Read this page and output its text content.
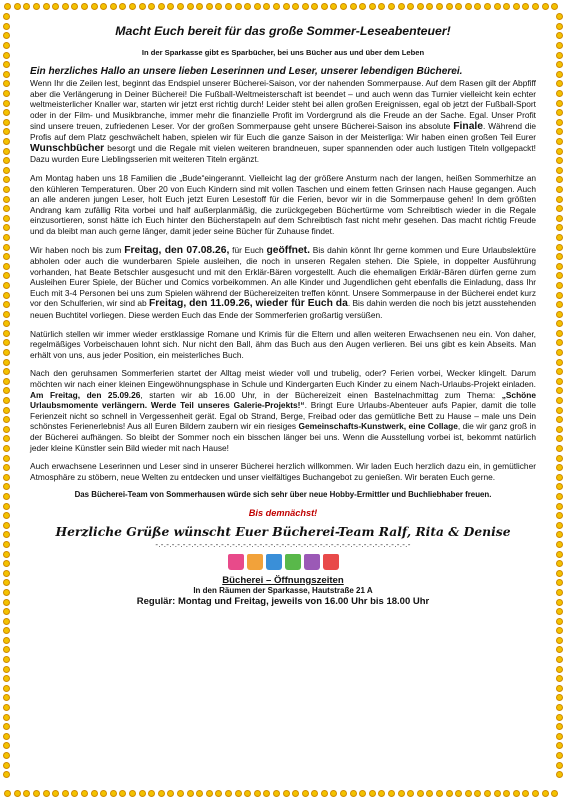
Macht Euch bereit für das große Sommer-Leseabenteuer!
In der Sparkasse gibt es Sparbücher, bei uns Bücher aus und über dem Leben
Ein herzliches Hallo an unsere lieben Leserinnen und Leser, unserer lebendigen Bücherei.

Wenn Ihr die Zeilen lest, beginnt das Endspiel unserer Bücherei-Saison, vor der nahenden Sommerpause. Auf dem Rasen gilt der Abpfiff aber die Verlängerung in Deiner Bücherei! Die Fußball-Weltmeisterschaft ist beendet – und auch wenn das Turnier vielleicht kein echter weltmeisterlicher Knaller war, starten wir jetzt erst richtig durch! Leider steht bei allen großen Ereignissen, egal ob jetzt der Fußball-Sport oder in der Film- und Musikbranche, immer mehr die finanzielle Profit im Vordergrund als die Freude an der Sache. Egal. Unser Profit sind unsere treuen, zufriedenen Leser. Vor der großen Sommerpause geht unsere Bücherei-Saison ins absolute Finale. Während die Profis auf dem Platz geschwächelt haben, spielen wir für Euch die ganze Saison in der Meisterliga: Wir haben einen großen Teil Eurer Wunschbücher besorgt und die Regale mit vielen weiteren brandneuen, super spannenden oder auch lustigen Titeln vollgepackt! Dazu wurden Eure Lieblingsserien mit weiteren Titeln ergänzt.

Am Montag haben uns 18 Familien die „Bude“eingerannt. Vielleicht lag der größere Ansturm nach der langen, heißen Sommerhitze an den kühleren Temperaturen. Über 20 von Euch Kindern sind mit vollen Taschen und einem fetten Grinsen nach Hause gegangen. Auch an alle anderen jungen Leser, holt Euch jetzt Euren Lesestoff für die Ferien, bevor wir in die Sommerpause gehen! In dem größten Andrang kam zufällig Rita vorbei und half außerplanmäßig, die zurückgegeben Büchertürme vom Schreibtisch wieder in die Regale einzusortieren, sonst hätte ich Euch hinter den Bücherstapeln auf dem Schreibtisch fast nicht mehr gesehen. Das macht richtig Freude und da bleibt man auch gerne länger, damit jeder seine Bücher für Zuhause findet.

Wir haben noch bis zum Freitag, den 07.08.26, für Euch geöffnet. Bis dahin könnt Ihr gerne kommen und Eure Urlaubslektüre abholen oder auch die wunderbaren Spiele ausleihen, die noch in unseren Regalen stehen. Die Spiele, in doppelter Ausführung vorhanden, hat Beate Betschler ausgesucht und mit den Erklär-Bären vorgestellt. Auch die ehemaligen Erklär-Bären dürfen gerne zum Ausleihen Eurer Spiele, der Bücher und Comics vorbeikommen. An alle Kinder und Jugendlichen geht ebenfalls die Einladung, dass Ihr Euch mit 3-4 Personen bei uns zum Spielen während der Büchereizeiten treffen könnt. Unsere Sommerpause in der Bücherei endet kurz vor den Schulferien, wir sind ab Freitag, den 11.09.26, wieder für Euch da. Bis dahin werden die noch bis jetzt ausstehenden neuen Buchtitel vorliegen. Diese werden Euch das Ende der Sommerferien großartig versüßen.

Natürlich stellen wir immer wieder erstklassige Romane und Krimis für die Eltern und allen weiteren Erwachsenen neu ein. Von daher, regelmäßiges Vorbeischauen lohnt sich. Nur nicht den Ball, ähm das Buch aus den Augen verlieren. Bei uns gibt es kein Abseits. Man erhält von uns, aus jeder Position, ein meisterliches Buch.

Nach den geruhsamen Sommerferien startet der Alltag meist wieder voll und trubelig, oder? Ferien vorbei, Wecker klingelt. Darum möchten wir nach einer kleinen Eingewöhnungsphase in Schule und Kindergarten Euch Kinder zu einem Nach-Urlaubs-Projekt einladen. Am Freitag, den 25.09.26, starten wir ab 16.00 Uhr, in der Büchereizeit einen Bastelnachmittag zum Thema: „Schöne Urlaubsmomente verlängern. Werde Teil unseres Galerie-Projekts!“. Bringt Eure Urlaubs-Abenteuer aufs Papier, damit die tolle Ferienzeit nicht so schnell in Vergessenheit gerät. Egal ob Strand, Berge, Freibad oder das gemütliche Bett zu Hause – male uns Dein schönstes Ferienerlebnis! Aus all Euren Bildern zaubern wir ein riesiges Gemeinschafts-Kunstwerk, eine Collage, die wir ganz groß in der Bücherei aufhängen. So bleibt der Sommer noch ein bisschen länger bei uns. Wenn die Ausstellung vorbei ist, bekommt natürlich jeder kleine Künstler sein Bild wieder mit nach Hause!

Auch erwachsene Leserinnen und Leser sind in unserer Bücherei herzlich willkommen. Wir laden Euch herzlich dazu ein, in gemütlicher Atmosphäre zu stöbern, neue Welten zu entdecken und unser vielfältiges Buchangebot zu genießen. Wir beraten Euch gerne.

Das Bücherei-Team von Sommerhausen würde sich sehr über neue Hobby-Ermittler und Buchliebhaber freuen.
Bis demnächst!
Herzliche Grüße wünscht Euer Bücherei-Team Ralf, Rita & Denise
-.-.-.-.-.-.-.-.-.-.-.-.-.-.-.-.-.-.-.-.-.-.-.-.-.-.-.-.-.-.-.-.-.-.-.-.-.-.-.-.-.-.-.-.-.-.-
Bücherei – Öffnungszeiten
In den Räumen der Sparkasse, Hautstraße 21 A
Regulär: Montag und Freitag, jeweils von 16.00 Uhr bis 18.00 Uhr
